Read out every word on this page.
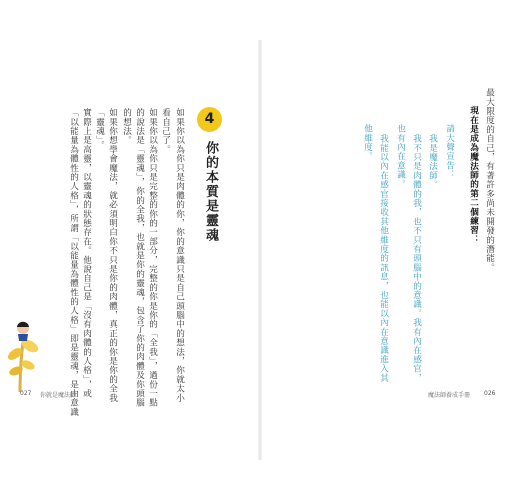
4
你的本質是靈魂
如果你以為你只是肉體的你，你的意識只是自己頭腦中的想法，你就太小
看自己了。
如果你以為你只是完整的你的一部分，完整的你是你的「全我」，過份一點
的說法是「靈魂」，你的全我，也就是你的靈魂，包含了你的肉體及你頭腦
的想法。
如果你想學會魔法，就必須明白你不只是你的肉體，真正的你是你的全我
「靈魂」。
實際上是高靈，以靈魂的狀態存在。他說自己是「沒有肉體的人格」，或
「以能量為體性的人格」，所謂「以能量為體性的人格」即是靈魂，是由意識
027 你就是魔法師
最大限度的自己，有著許多尚未開發的潛能。
現在是成為魔法師的第二個練習：
請大聲宣告：
我是魔法師。
我不只是肉體的我，也不只有頭腦中的意識。我有內在感官，
也有內在意識。
我能以內在感官接收其他維度的訊息，也能以內在意識進入其
他維度。
魔法師養成手冊 026
